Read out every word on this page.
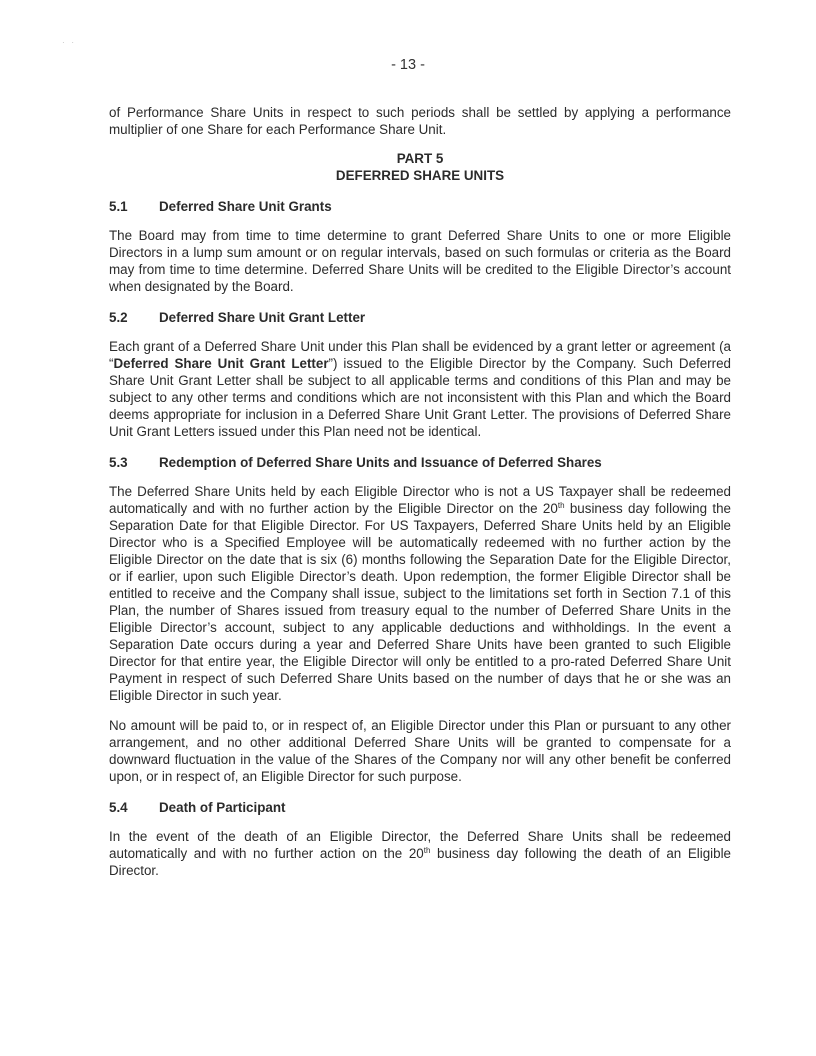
·   ·
- 13 -

of Performance Share Units in respect to such periods shall be settled by applying a performance multiplier of one Share for each Performance Share Unit.

PART 5
DEFERRED SHARE UNITS
5.1	Deferred Share Unit Grants

The Board may from time to time determine to grant Deferred Share Units to one or more Eligible Directors in a lump sum amount or on regular intervals, based on such formulas or criteria as the Board may from time to time determine. Deferred Share Units will be credited to the Eligible Director’s account when designated by the Board.

5.2	Deferred Share Unit Grant Letter

Each grant of a Deferred Share Unit under this Plan shall be evidenced by a grant letter or agreement (a “Deferred Share Unit Grant Letter”) issued to the Eligible Director by the Company. Such Deferred Share Unit Grant Letter shall be subject to all applicable terms and conditions of this Plan and may be subject to any other terms and conditions which are not inconsistent with this Plan and which the Board deems appropriate for inclusion in a Deferred Share Unit Grant Letter. The provisions of Deferred Share Unit Grant Letters issued under this Plan need not be identical.

5.3	Redemption of Deferred Share Units and Issuance of Deferred Shares

The Deferred Share Units held by each Eligible Director who is not a US Taxpayer shall be redeemed automatically and with no further action by the Eligible Director on the 20th business day following the Separation Date for that Eligible Director. For US Taxpayers, Deferred Share Units held by an Eligible Director who is a Specified Employee will be automatically redeemed with no further action by the Eligible Director on the date that is six (6) months following the Separation Date for the Eligible Director, or if earlier, upon such Eligible Director’s death. Upon redemption, the former Eligible Director shall be entitled to receive and the Company shall issue, subject to the limitations set forth in Section 7.1 of this Plan, the number of Shares issued from treasury equal to the number of Deferred Share Units in the Eligible Director’s account, subject to any applicable deductions and withholdings. In the event a Separation Date occurs during a year and Deferred Share Units have been granted to such Eligible Director for that entire year, the Eligible Director will only be entitled to a pro-rated Deferred Share Unit Payment in respect of such Deferred Share Units based on the number of days that he or she was an Eligible Director in such year.

No amount will be paid to, or in respect of, an Eligible Director under this Plan or pursuant to any other arrangement, and no other additional Deferred Share Units will be granted to compensate for a downward fluctuation in the value of the Shares of the Company nor will any other benefit be conferred upon, or in respect of, an Eligible Director for such purpose.

5.4	Death of Participant

In the event of the death of an Eligible Director, the Deferred Share Units shall be redeemed automatically and with no further action on the 20th business day following the death of an Eligible Director.
